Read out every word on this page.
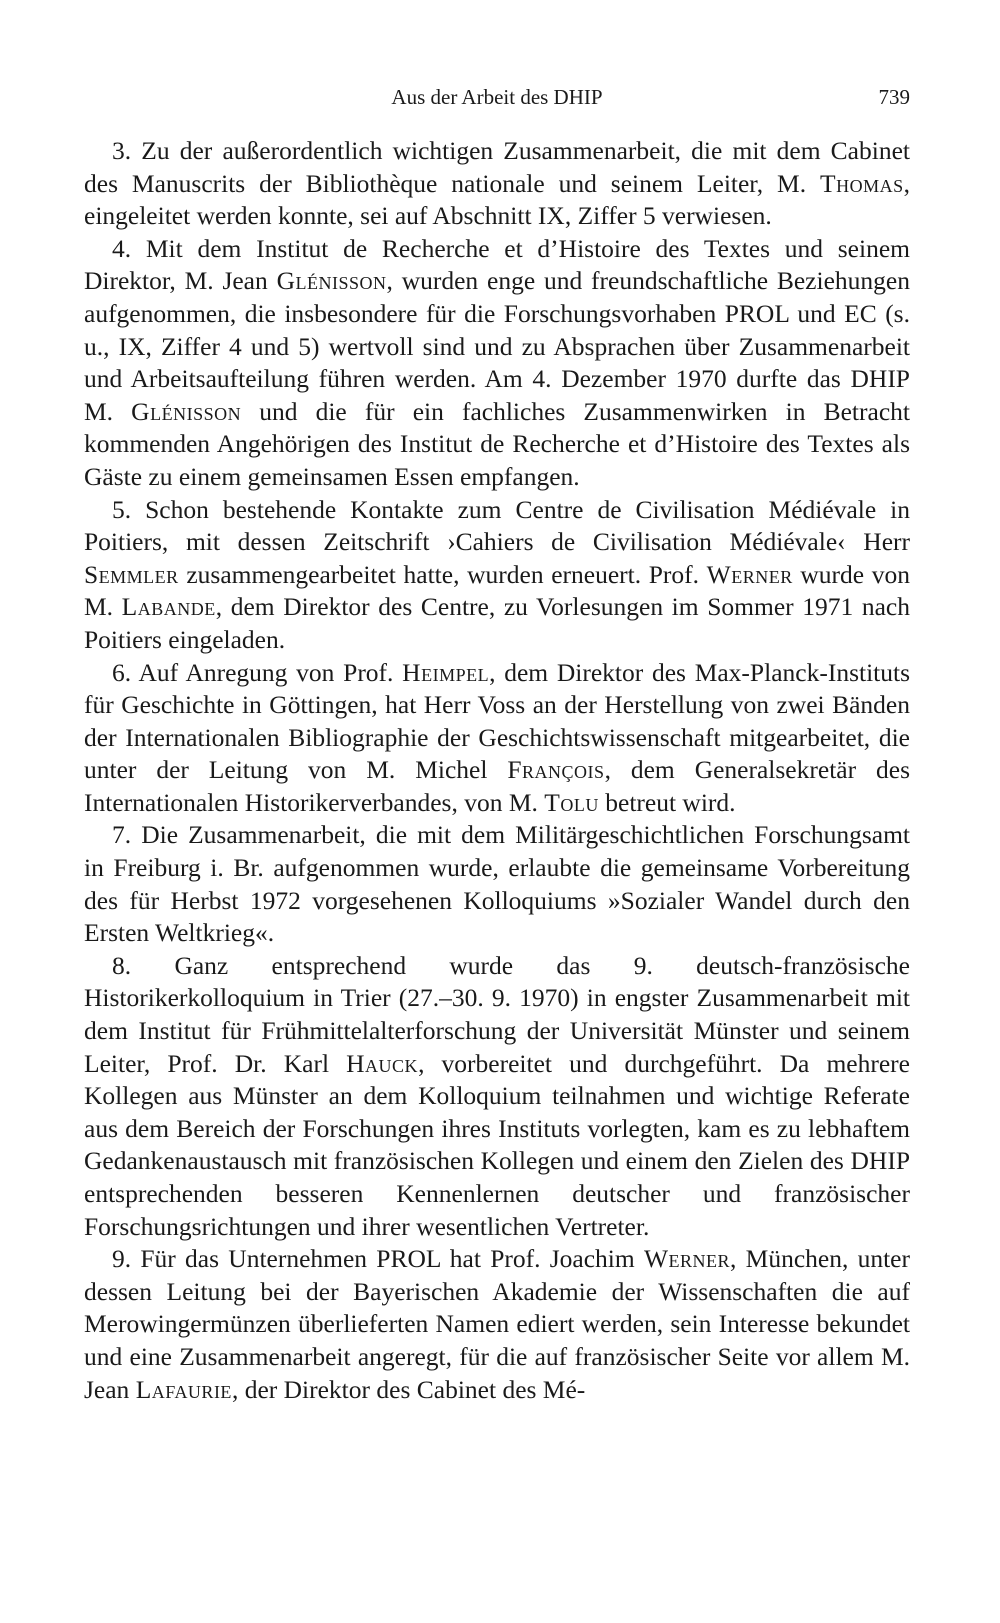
Aus der Arbeit des DHIP	739

3. Zu der außerordentlich wichtigen Zusammenarbeit, die mit dem Cabinet des Manuscrits der Bibliothèque nationale und seinem Leiter, M. Thomas, eingeleitet werden konnte, sei auf Abschnitt IX, Ziffer 5 verwiesen.

4. Mit dem Institut de Recherche et d’Histoire des Textes und seinem Direktor, M. Jean Glénisson, wurden enge und freundschaftliche Beziehungen aufgenommen, die insbesondere für die Forschungsvorhaben PROL und EC (s. u., IX, Ziffer 4 und 5) wertvoll sind und zu Absprachen über Zusammenarbeit und Arbeitsaufteilung führen werden. Am 4. Dezember 1970 durfte das DHIP M. Glénisson und die für ein fachliches Zusammenwirken in Betracht kommenden Angehörigen des Institut de Recherche et d’Histoire des Textes als Gäste zu einem gemeinsamen Essen empfangen.

5. Schon bestehende Kontakte zum Centre de Civilisation Médiévale in Poitiers, mit dessen Zeitschrift ›Cahiers de Civilisation Médiévale‹ Herr Semmler zusammengearbeitet hatte, wurden erneuert. Prof. Werner wurde von M. Labande, dem Direktor des Centre, zu Vorlesungen im Sommer 1971 nach Poitiers eingeladen.

6. Auf Anregung von Prof. Heimpel, dem Direktor des Max-Planck-Instituts für Geschichte in Göttingen, hat Herr Voss an der Herstellung von zwei Bänden der Internationalen Bibliographie der Geschichtswissenschaft mitgearbeitet, die unter der Leitung von M. Michel François, dem Generalsekretär des Internationalen Historikerverbandes, von M. Tolu betreut wird.

7. Die Zusammenarbeit, die mit dem Militärgeschichtlichen Forschungsamt in Freiburg i. Br. aufgenommen wurde, erlaubte die gemeinsame Vorbereitung des für Herbst 1972 vorgesehenen Kolloquiums »Sozialer Wandel durch den Ersten Weltkrieg«.

8. Ganz entsprechend wurde das 9. deutsch-französische Historikerkolloquium in Trier (27.–30. 9. 1970) in engster Zusammenarbeit mit dem Institut für Frühmittelalterforschung der Universität Münster und seinem Leiter, Prof. Dr. Karl Hauck, vorbereitet und durchgeführt. Da mehrere Kollegen aus Münster an dem Kolloquium teilnahmen und wichtige Referate aus dem Bereich der Forschungen ihres Instituts vorlegten, kam es zu lebhaftem Gedankenaustausch mit französischen Kollegen und einem den Zielen des DHIP entsprechenden besseren Kennenlernen deutscher und französischer Forschungsrichtungen und ihrer wesentlichen Vertreter.

9. Für das Unternehmen PROL hat Prof. Joachim Werner, München, unter dessen Leitung bei der Bayerischen Akademie der Wissenschaften die auf Merowingermünzen überlieferten Namen ediert werden, sein Interesse bekundet und eine Zusammenarbeit angeregt, für die auf französischer Seite vor allem M. Jean Lafaurie, der Direktor des Cabinet des Mé-
